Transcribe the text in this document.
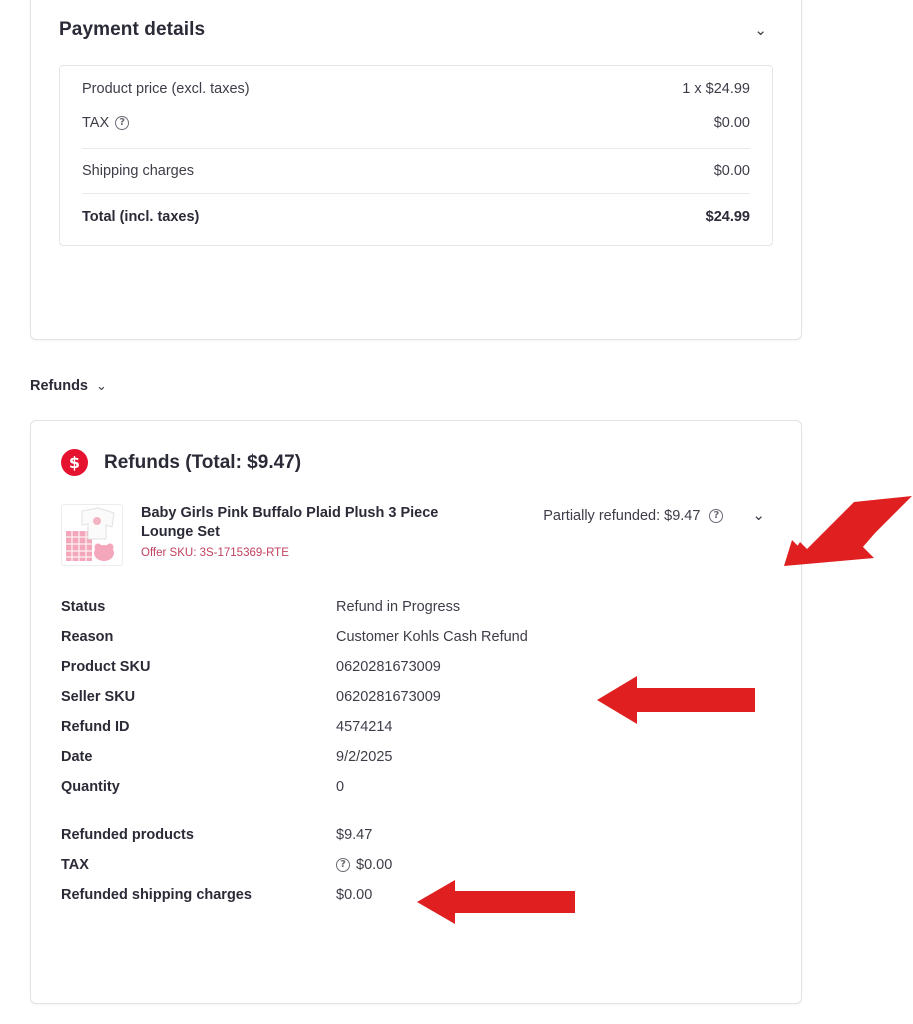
Payment details	⌄
Product price (excl. taxes)	1 x $24.99
TAX	?	$0.00
Shipping charges	$0.00
Total (incl. taxes)	$24.99
Refunds ⌄
$ Refunds (Total: $9.47)
Baby Girls Pink Buffalo Plaid Plush 3 Piece Lounge Set
Offer SKU: 3S-1715369-RTE
Partially refunded: $9.47	?	⌄
Status	Refund in Progress
Reason	Customer Kohls Cash Refund
Product SKU	0620281673009
Seller SKU	0620281673009
Refund ID	4574214
Date	9/2/2025
Quantity	0
Refunded products	$9.47
TAX	? $0.00
Refunded shipping charges	$0.00
